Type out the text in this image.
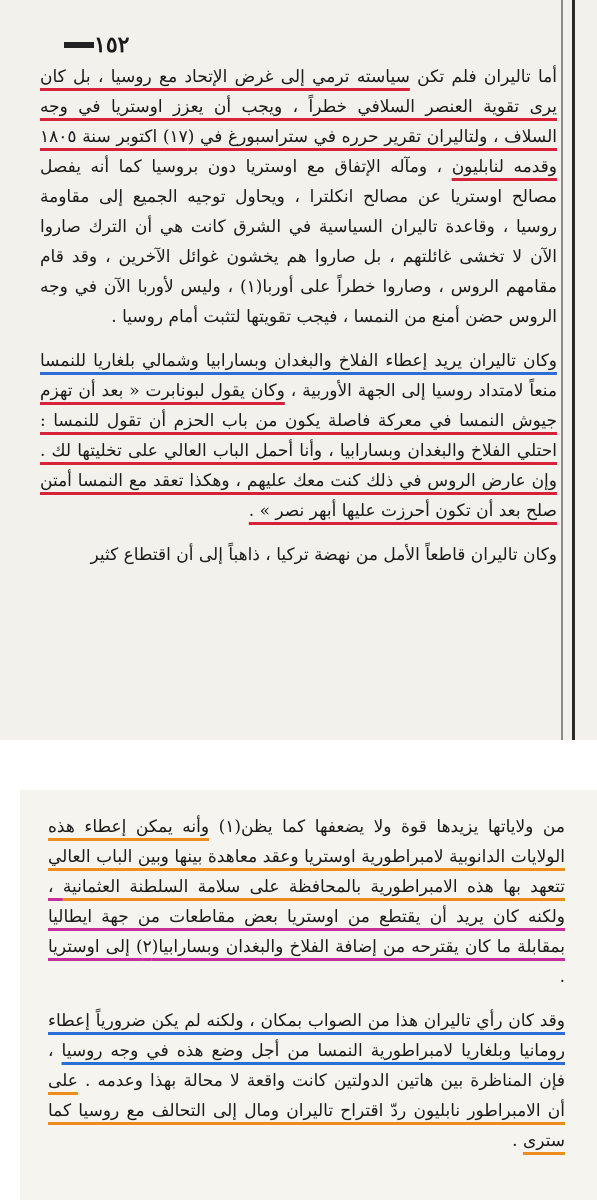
١٥٢

أما تاليران فلم تكن سياسته ترمي إلى غرض الإتحاد مع روسيا ، بل كان يرى تقوية العنصر السلافي خطراً ، ويجب أن يعزز اوستريا في وجه السلاف ، ولتاليران تقرير حرره في ستراسبورغ في (١٧) اكتوبر سنة ١٨٠٥ وقدمه لنابليون ، ومآله الإتفاق مع اوستريا دون بروسيا كما أنه يفصل مصالح اوستريا عن مصالح انكلترا ، ويحاول توجيه الجميع إلى مقاومة روسيا ، وقاعدة تاليران السياسية في الشرق كانت هي أن الترك صاروا الآن لا تخشى غائلتهم ، بل صاروا هم يخشون غوائل الآخرين ، وقد قام مقامهم الروس ، وصاروا خطراً على أوربا(١) ، وليس لأوربا الآن في وجه الروس حضن أمنع من النمسا ، فيجب تقويتها لتثبت أمام روسيا .

وكان تاليران يريد إعطاء الفلاخ والبغدان وبسارابيا وشمالي بلغاريا للنمسا منعاً لامتداد روسيا إلى الجهة الأوربية ، وكان يقول لبونابرت « بعد أن تهزم جيوش النمسا في معركة فاصلة يكون من باب الحزم أن تقول للنمسا : احتلي الفلاخ والبغدان وبسارابيا ، وأنا أحمل الباب العالي على تخليتها لك . وإن عارض الروس في ذلك كنت معك عليهم ، وهكذا تعقد مع النمسا أمتن صلح بعد أن تكون أحرزت عليها أبهر نصر » .

وكان تاليران قاطعاً الأمل من نهضة تركيا ، ذاهباً إلى أن اقتطاع كثير

من ولاياتها يزيدها قوة ولا يضعفها كما يظن(١) وأنه يمكن إعطاء هذه الولايات الدانوبية لامبراطورية اوستريا وعقد معاهدة بينها وبين الباب العالي تتعهد بها هذه الامبراطورية بالمحافظة على سلامة السلطنة العثمانية ، ولكنه كان يريد أن يقتطع من اوستريا بعض مقاطعات من جهة ايطاليا بمقابلة ما كان يقترحه من إضافة الفلاخ والبغدان وبسارابيا(٢) إلى اوستريا .

وقد كان رأي تاليران هذا من الصواب بمكان ، ولكنه لم يكن ضرورياً إعطاء رومانيا وبلغاريا لامبراطورية النمسا من أجل وضع هذه في وجه روسيا ، فإن المناظرة بين هاتين الدولتين كانت واقعة لا محالة بهذا وعدمه . على أن الامبراطور نابليون ردّ اقتراح تاليران ومال إلى التحالف مع روسيا كما سترى .
